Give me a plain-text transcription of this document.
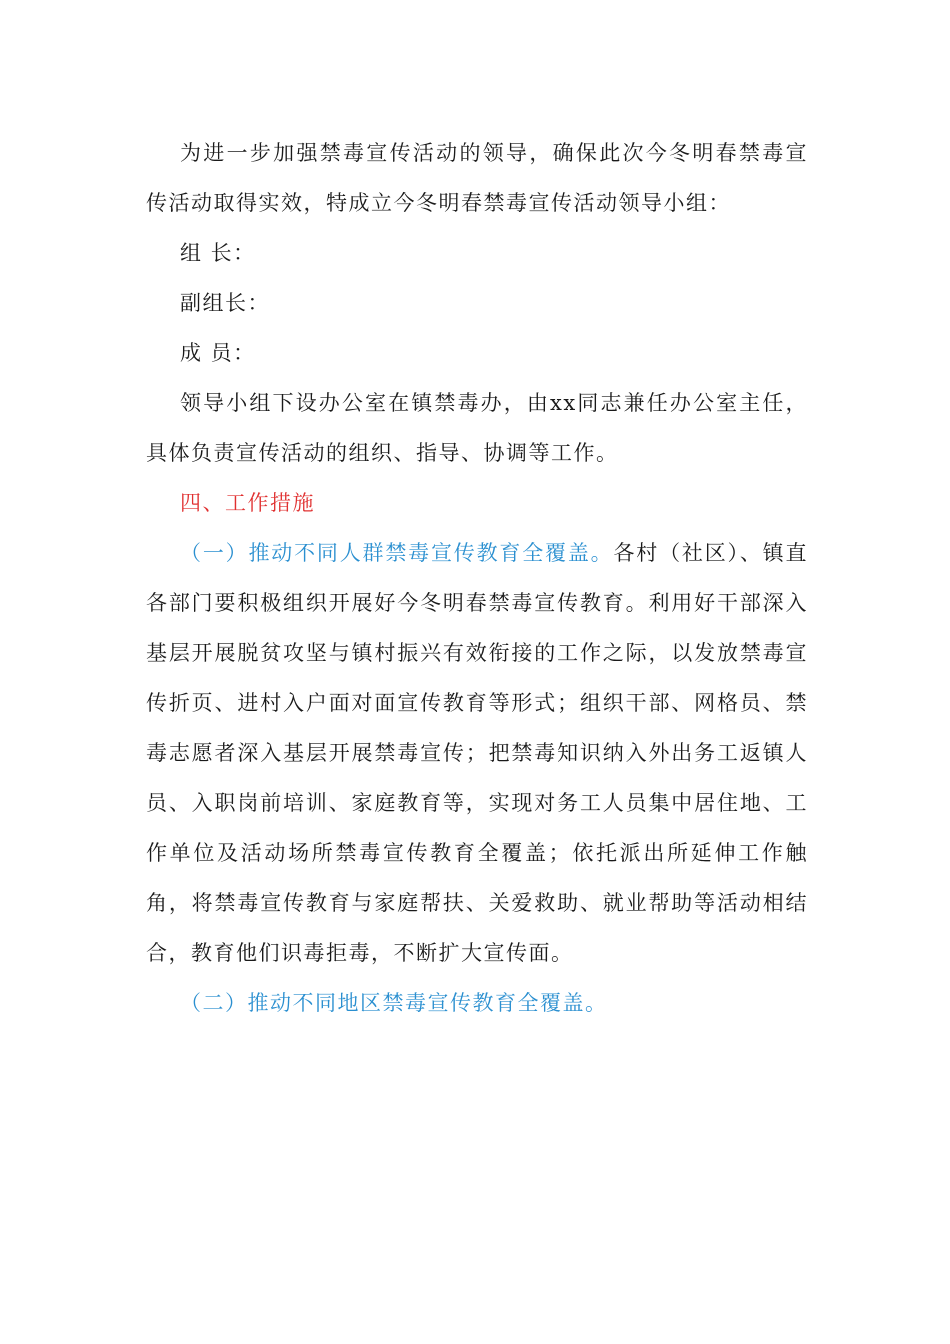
为进一步加强禁毒宣传活动的领导，确保此次今冬明春禁毒宣传活动取得实效，特成立今冬明春禁毒宣传活动领导小组：

组 长：

副组长：

成 员：

领导小组下设办公室在镇禁毒办，由xx同志兼任办公室主任，具体负责宣传活动的组织、指导、协调等工作。

四、工作措施

（一）推动不同人群禁毒宣传教育全覆盖。各村（社区）、镇直各部门要积极组织开展好今冬明春禁毒宣传教育。利用好干部深入基层开展脱贫攻坚与镇村振兴有效衔接的工作之际，以发放禁毒宣传折页、进村入户面对面宣传教育等形式；组织干部、网格员、禁毒志愿者深入基层开展禁毒宣传；把禁毒知识纳入外出务工返镇人员、入职岗前培训、家庭教育等，实现对务工人员集中居住地、工作单位及活动场所禁毒宣传教育全覆盖；依托派出所延伸工作触角，将禁毒宣传教育与家庭帮扶、关爱救助、就业帮助等活动相结合，教育他们识毒拒毒，不断扩大宣传面。

（二）推动不同地区禁毒宣传教育全覆盖。
